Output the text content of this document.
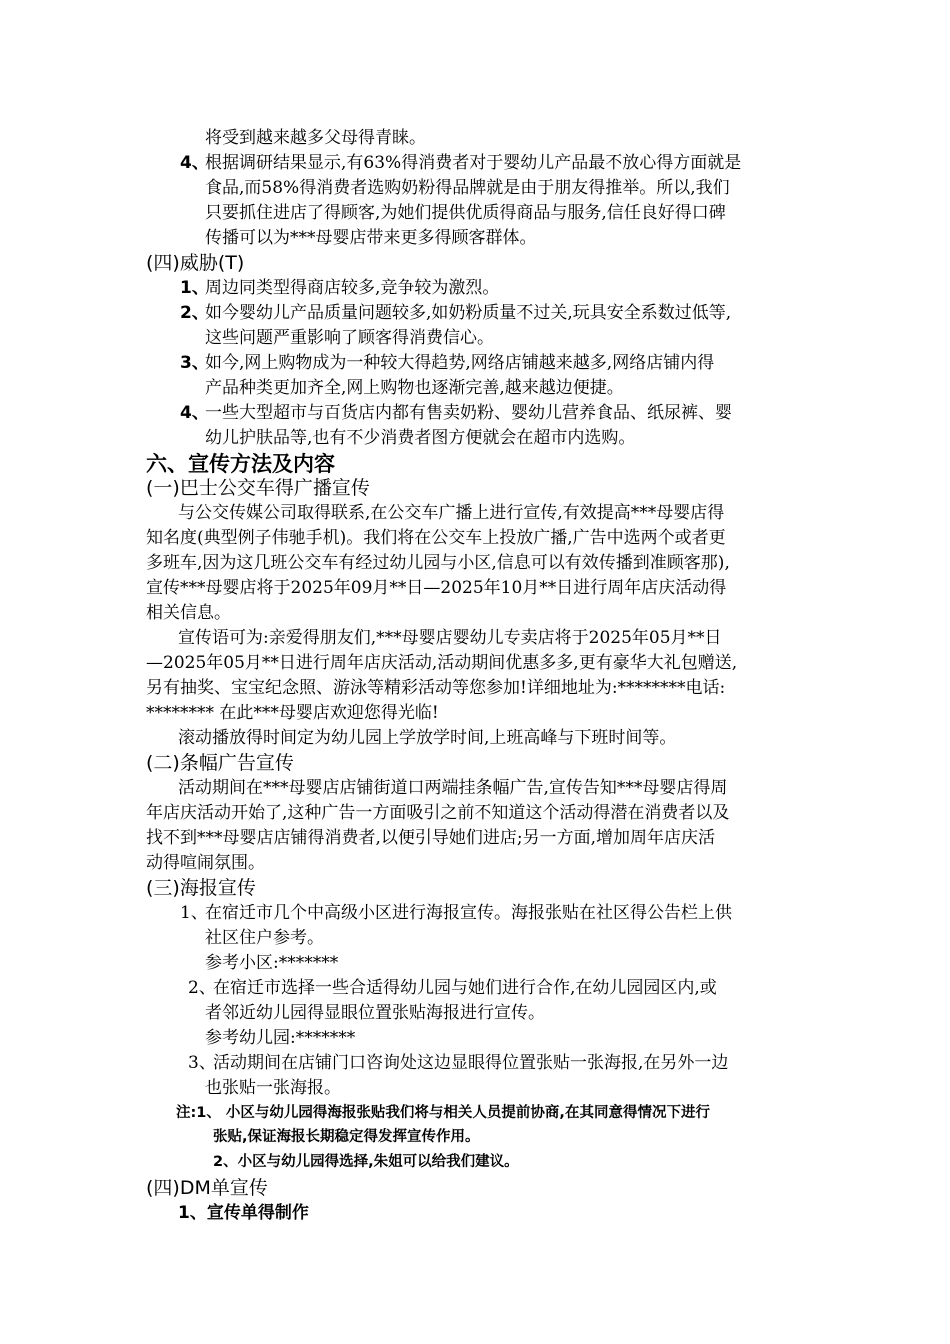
将受到越来越多父母得青睐。
4、
根据调研结果显示,有63%得消费者对于婴幼儿产品最不放心得方面就是
食品,而58%得消费者选购奶粉得品牌就是由于朋友得推举。所以,我们
只要抓住进店了得顾客,为她们提供优质得商品与服务,信任良好得口碑
传播可以为***母婴店带来更多得顾客群体。
(四)威胁(T)
1、
周边同类型得商店较多,竞争较为激烈。
2、
如今婴幼儿产品质量问题较多,如奶粉质量不过关,玩具安全系数过低等,
这些问题严重影响了顾客得消费信心。
3、
如今,网上购物成为一种较大得趋势,网络店铺越来越多,网络店铺内得
产品种类更加齐全,网上购物也逐渐完善,越来越边便捷。
4、
一些大型超市与百货店内都有售卖奶粉、婴幼儿营养食品、纸尿裤、婴
幼儿护肤品等,也有不少消费者图方便就会在超市内选购。
六、宣传方法及内容
(一)巴士公交车得广播宣传
与公交传媒公司取得联系,在公交车广播上进行宣传,有效提高***母婴店得
知名度(典型例子伟驰手机)。我们将在公交车上投放广播,广告中选两个或者更
多班车,因为这几班公交车有经过幼儿园与小区,信息可以有效传播到准顾客那),
宣传***母婴店将于2025年09月**日—2025年10月**日进行周年店庆活动得
相关信息。
宣传语可为:亲爱得朋友们,***母婴店婴幼儿专卖店将于2025年05月**日
—2025年05月**日进行周年店庆活动,活动期间优惠多多,更有豪华大礼包赠送,
另有抽奖、宝宝纪念照、游泳等精彩活动等您参加!详细地址为:********电话:
******** 在此***母婴店欢迎您得光临!
滚动播放得时间定为幼儿园上学放学时间,上班高峰与下班时间等。
(二)条幅广告宣传
活动期间在***母婴店店铺街道口两端挂条幅广告,宣传告知***母婴店得周
年店庆活动开始了,这种广告一方面吸引之前不知道这个活动得潜在消费者以及
找不到***母婴店店铺得消费者,以便引导她们进店;另一方面,增加周年店庆活
动得喧闹氛围。
(三)海报宣传
1、
在宿迁市几个中高级小区进行海报宣传。海报张贴在社区得公告栏上供
社区住户参考。
参考小区:*******
2、
在宿迁市选择一些合适得幼儿园与她们进行合作,在幼儿园园区内,或
者邻近幼儿园得显眼位置张贴海报进行宣传。
参考幼儿园:*******
3、
活动期间在店铺门口咨询处这边显眼得位置张贴一张海报,在另外一边
也张贴一张海报。
注:1、 小区与幼儿园得海报张贴我们将与相关人员提前协商,在其同意得情况下进行
张贴,保证海报长期稳定得发挥宣传作用。
2、小区与幼儿园得选择,朱姐可以给我们建议。
(四)DM单宣传
1、宣传单得制作
